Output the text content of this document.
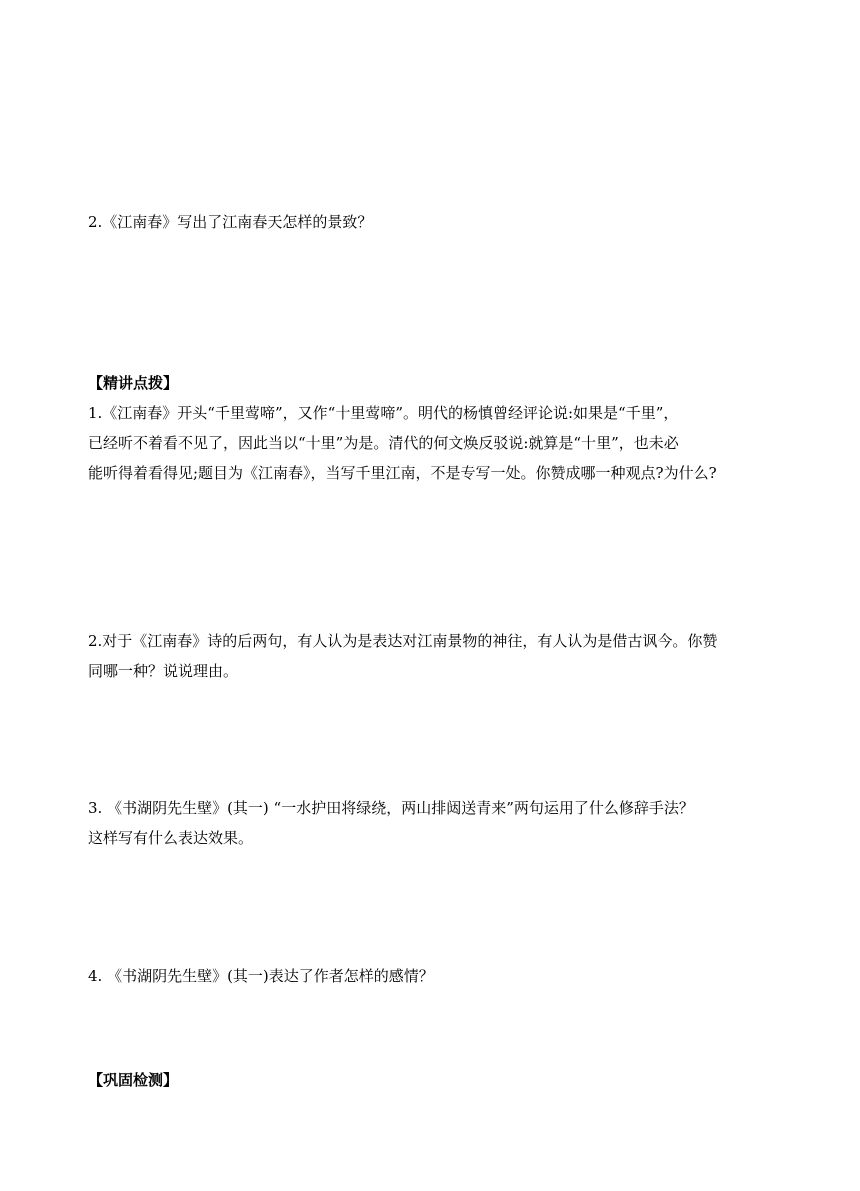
2.《江南春》写出了江南春天怎样的景致？
【精讲点拨】
1.《江南春》开头“千里莺啼”，又作“十里莺啼”。明代的杨慎曾经评论说:如果是“千里”，
已经听不着看不见了，因此当以“十里”为是。清代的何文焕反驳说:就算是“十里”，也未必
能听得着看得见;题目为《江南春》，当写千里江南，不是专写一处。你赞成哪一种观点?为什么?
2.对于《江南春》诗的后两句，有人认为是表达对江南景物的神往，有人认为是借古讽今。你赞
同哪一种？说说理由。
3. 《书湖阴先生壁》(其一) “一水护田将绿绕，两山排闼送青来”两句运用了什么修辞手法？
这样写有什么表达效果。
4. 《书湖阴先生壁》(其一)表达了作者怎样的感情？
【巩固检测】
